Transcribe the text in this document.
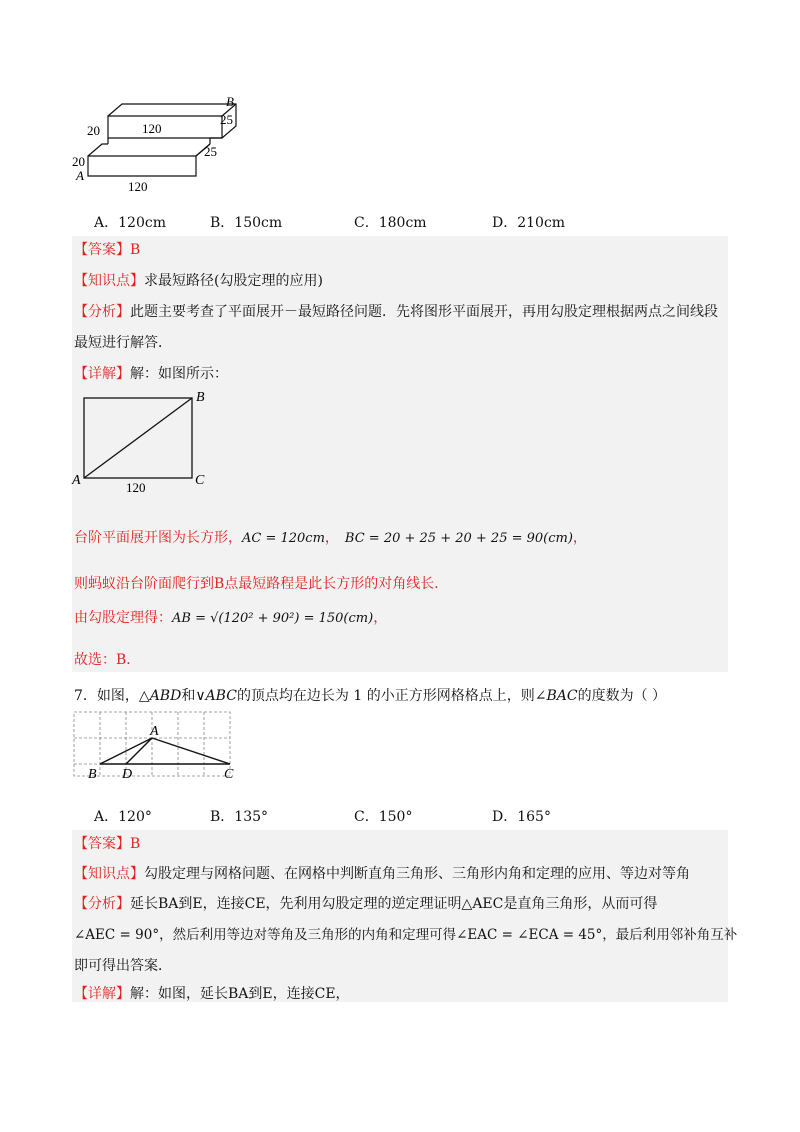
B
120
25
20
25
20
A
120
A．120cm	B．150cm	C．180cm	D．210cm
【答案】B
【知识点】求最短路径(勾股定理的应用)
【分析】此题主要考查了平面展开－最短路径问题．先将图形平面展开，再用勾股定理根据两点之间线段
最短进行解答．
【详解】解：如图所示：
B
A	C
120
台阶平面展开图为长方形，AC = 120cm， BC = 20 + 25 + 20 + 25 = 90(cm)，
则蚂蚁沿台阶面爬行到B点最短路程是此长方形的对角线长．
由勾股定理得：AB = √(120² + 90²) = 150(cm)，
故选：B．
7．如图，△ABD和∨ABC的顶点均在边长为 1 的小正方形网格格点上，则∠BAC的度数为（ ）
A
B D	C
A．120°	B．135°	C．150°	D．165°
【答案】B
【知识点】勾股定理与网格问题、在网格中判断直角三角形、三角形内角和定理的应用、等边对等角
【分析】延长BA到E，连接CE，先利用勾股定理的逆定理证明△AEC是直角三角形，从而可得
∠AEC = 90°，然后利用等边对等角及三角形的内角和定理可得∠EAC = ∠ECA = 45°，最后利用邻补角互补
即可得出答案．
【详解】解：如图，延长BA到E，连接CE，
